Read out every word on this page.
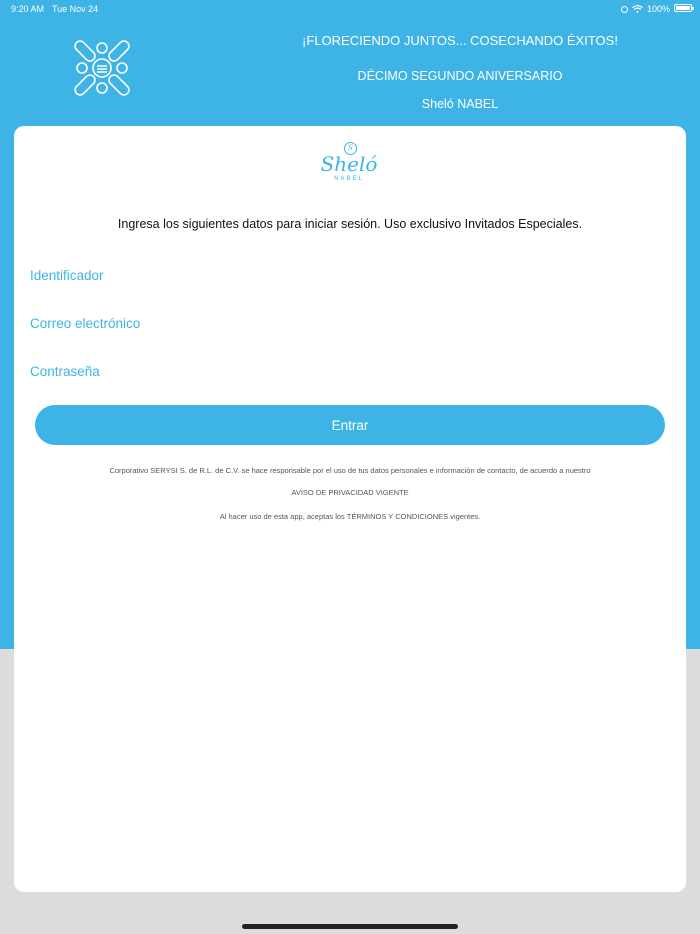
9:20 AM Tue Nov 24	100%
¡FLORECIENDO JUNTOS... COSECHANDO ÉXITOS!
DÉCIMO SEGUNDO ANIVERSARIO
Sheló NABEL
S
Sheló
NABEL
Ingresa los siguientes datos para iniciar sesión. Uso exclusivo Invitados Especiales.
Identificador
Correo electrónico
Entrar
Corporativo SERYSI S. de R.L. de C.V. se hace responsable por el uso de tus datos personales e información de contacto, de acuerdo a nuestro
AVISO DE PRIVACIDAD VIGENTE
Al hacer uso de esta app, aceptas los TÉRMINOS Y CONDICIONES vigentes.
